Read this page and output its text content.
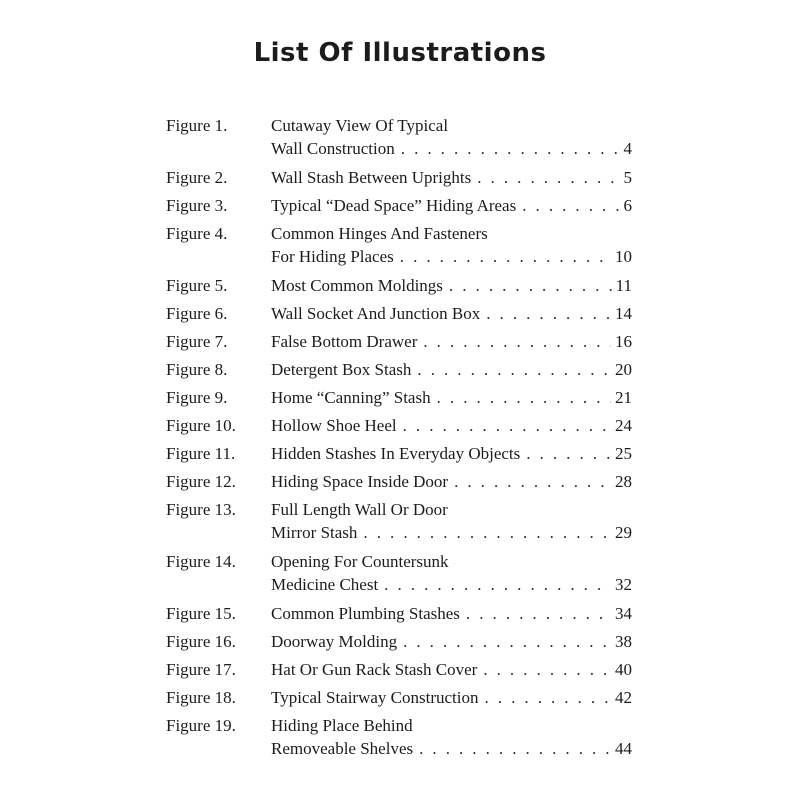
List Of Illustrations
Figure 1.	Cutaway View Of Typical
Wall Construction . . .	4
Figure 2.	Wall Stash Between Uprights . . .	5
Figure 3.	Typical “Dead Space” Hiding Areas . . .	6
Figure 4.	Common Hinges And Fasteners
For Hiding Places . . .	10
Figure 5.	Most Common Moldings . . .	11
Figure 6.	Wall Socket And Junction Box . . .	14
Figure 7.	False Bottom Drawer . . .	16
Figure 8.	Detergent Box Stash . . .	20
Figure 9.	Home “Canning” Stash . . .	21
Figure 10. Hollow Shoe Heel . . .	24
Figure 11. Hidden Stashes In Everyday Objects . . .	25
Figure 12. Hiding Space Inside Door . . .	28
Figure 13. Full Length Wall Or Door
Mirror Stash . . .	29
Figure 14. Opening For Countersunk
Medicine Chest . . .	32
Figure 15. Common Plumbing Stashes . . .	34
Figure 16. Doorway Molding . . .	38
Figure 17. Hat Or Gun Rack Stash Cover . . .	40
Figure 18. Typical Stairway Construction . . .	42
Figure 19. Hiding Place Behind
Removeable Shelves . . .	44
